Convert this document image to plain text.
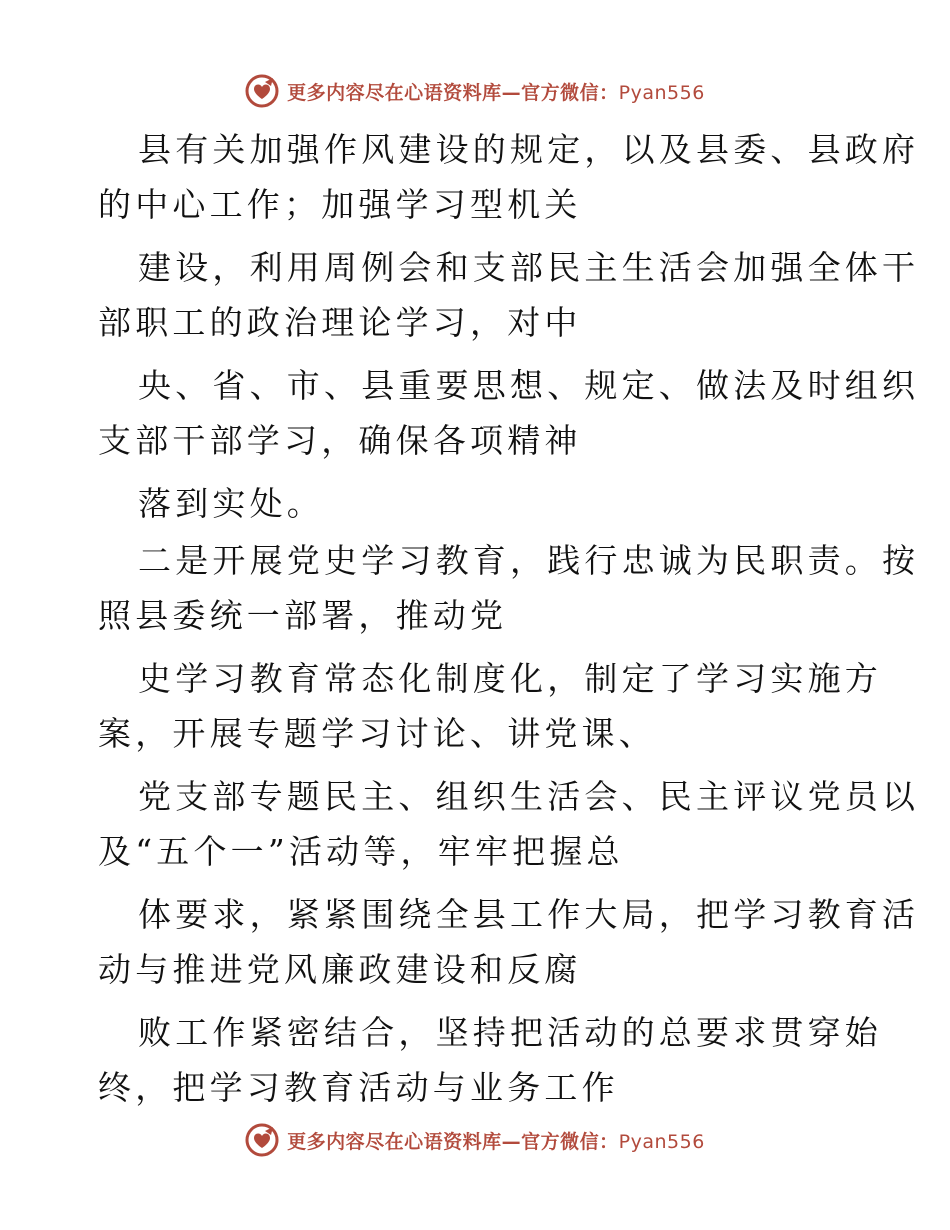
更多内容尽在心语资料库—官方微信：Pyan556
县有关加强作风建设的规定，以及县委、县政府
的中心工作；加强学习型机关
建设，利用周例会和支部民主生活会加强全体干
部职工的政治理论学习，对中
央、省、市、县重要思想、规定、做法及时组织
支部干部学习，确保各项精神
落到实处。
二是开展党史学习教育，践行忠诚为民职责。按
照县委统一部署，推动党
史学习教育常态化制度化，制定了学习实施方
案，开展专题学习讨论、讲党课、
党支部专题民主、组织生活会、民主评议党员以
及“五个一”活动等，牢牢把握总
体要求，紧紧围绕全县工作大局，把学习教育活
动与推进党风廉政建设和反腐
败工作紧密结合，坚持把活动的总要求贯穿始
终，把学习教育活动与业务工作
更多内容尽在心语资料库—官方微信：Pyan556
